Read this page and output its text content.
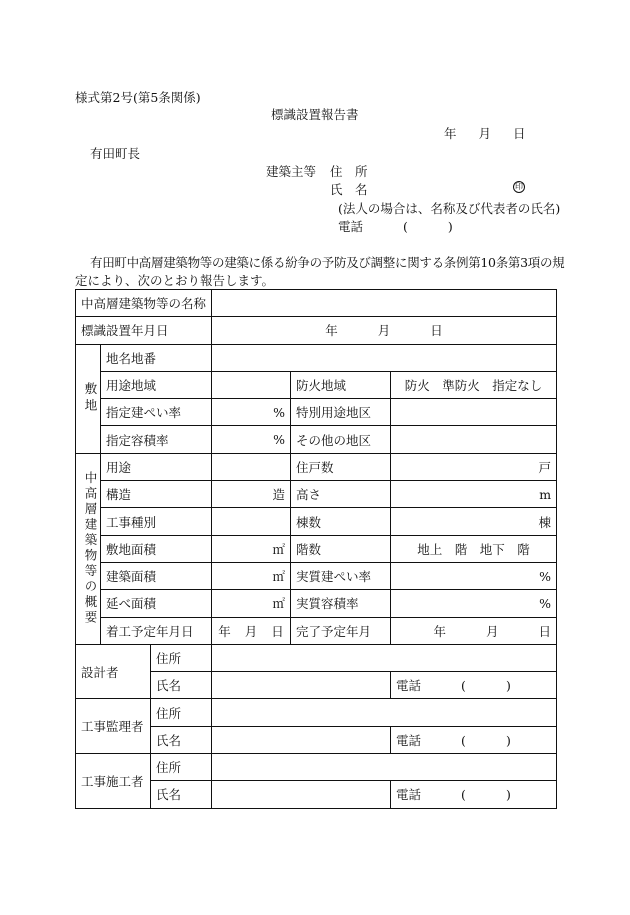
様式第2号(第5条関係)
標識設置報告書
年 月 日
有田町長
建築主等 住　所
氏　名	印
(法人の場合は、名称及び代表者の氏名)
電話	(	)
有田町中高層建築物等の建築に係る紛争の予防及び調整に関する条例第10条第3項の規
定により、次のとおり報告します。
中高層建築物等の名称					
標識設置年月日			年 月 日		

敷地	地名地番				
	用途地域			防火地域	防火　準防火　指定なし
	指定建ぺい率		%	特別用途地区	
	指定容積率		%	その他の地区	

中高層建築物等の概要	用途			住戸数	戸
	構造		造	高さ	m
	工事種別			棟数	棟
	敷地面積		㎡	階数	地上　階　地下　階
	建築面積		㎡	実質建ぺい率	%
	延べ面積		㎡	実質容積率	%
	着工予定年月日		年 月 日	完了予定年月	年 月 日
設計者		住所			
		氏名			電話 ( )
工事監理者		住所			
		氏名			電話 ( )
工事施工者		住所			
		氏名			電話 ( )
